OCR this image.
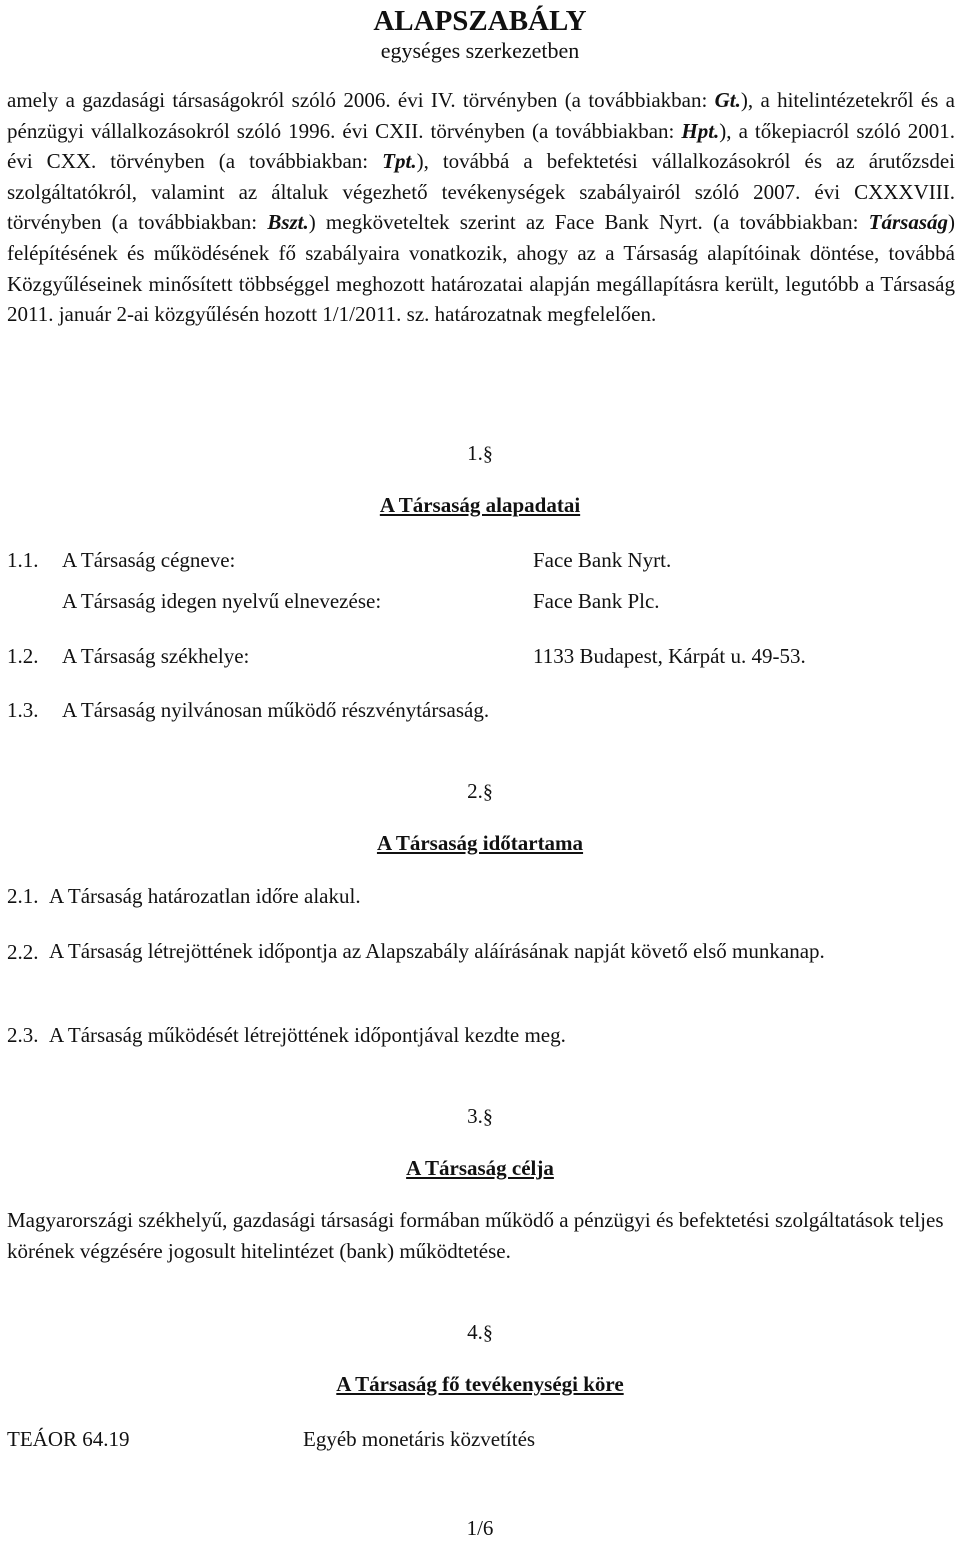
ALAPSZABÁLY
egységes szerkezetben

amely a gazdasági társaságokról szóló 2006. évi IV. törvényben (a továbbiakban: Gt.), a hitelintézetekről és a pénzügyi vállalkozásokról szóló 1996. évi CXII. törvényben (a továbbiakban: Hpt.), a tőkepiacról szóló 2001. évi CXX. törvényben (a továbbiakban: Tpt.), továbbá a befektetési vállalkozásokról és az árutőzsdei szolgáltatókról, valamint az általuk végezhető tevékenységek szabályairól szóló 2007. évi CXXXVIII. törvényben (a továbbiakban: Bszt.) megköveteltek szerint az Face Bank Nyrt. (a továbbiakban: Társaság) felépítésének és működésének fő szabályaira vonatkozik, ahogy az a Társaság alapítóinak döntése, továbbá Közgyűléseinek minősített többséggel meghozott határozatai alapján megállapításra került, legutóbb a Társaság 2011. január 2-ai közgyűlésén hozott 1/1/2011. sz. határozatnak megfelelően.

1.§
A Társaság alapadatai
1.1. A Társaság cégneve:	Face Bank Nyrt.
A Társaság idegen nyelvű elnevezése:	Face Bank Plc.
1.2. A Társaság székhelye:	1133 Budapest, Kárpát u. 49-53.
1.3. A Társaság nyilvánosan működő részvénytársaság.
2.§
A Társaság időtartama
2.1. A Társaság határozatlan időre alakul.
2.2. A Társaság létrejöttének időpontja az Alapszabály aláírásának napját követő első munkanap.
2.3. A Társaság működését létrejöttének időpontjával kezdte meg.
3.§
A Társaság célja
Magyarországi székhelyű, gazdasági társasági formában működő a pénzügyi és befektetési szolgáltatások teljes körének végzésére jogosult hitelintézet (bank) működtetése.
4.§
A Társaság fő tevékenységi köre
TEÁOR 64.19	Egyéb monetáris közvetítés
1/6
